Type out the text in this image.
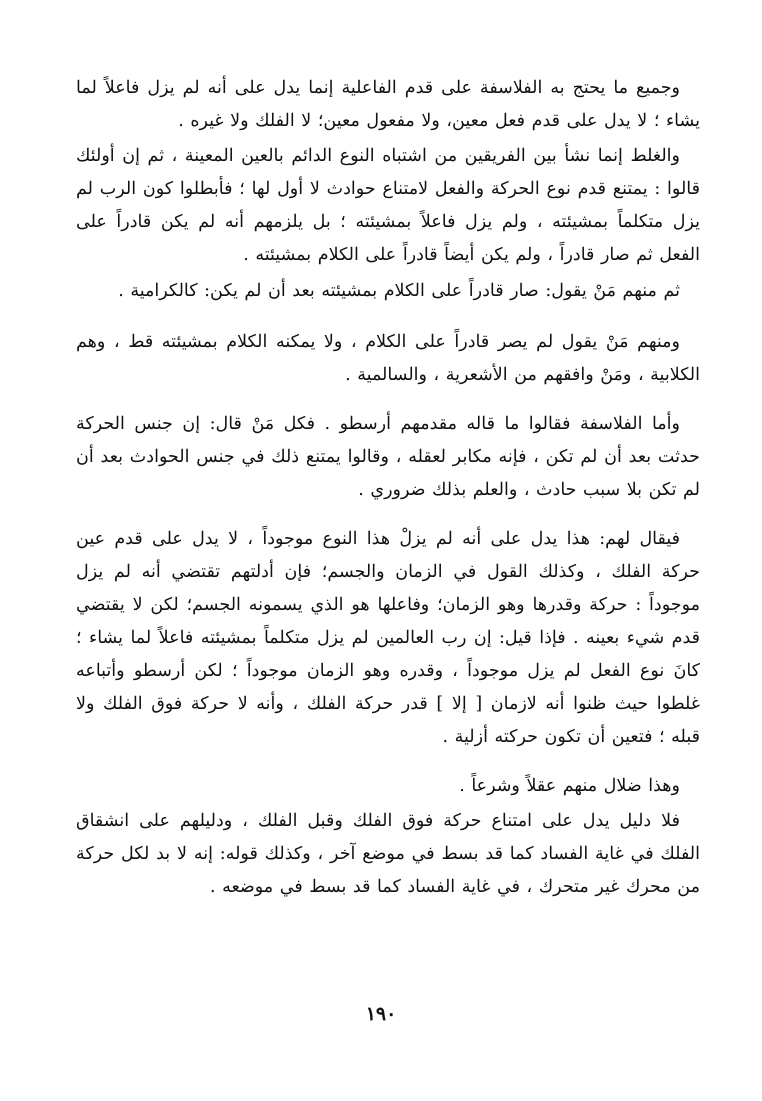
وجميع ما يحتج به الفلاسفة على قدم الفاعلية إنما يدل على أنه لم يزل فاعلاً لما يشاء ؛ لا يدل على قدم فعل معين، ولا مفعول معين؛ لا الفلك ولا غيره .

والغلط إنما نشأ بين الفريقين من اشتباه النوع الدائم بالعين المعينة ، ثم إن أولئك قالوا : يمتنع قدم نوع الحركة والفعل لامتناع حوادث لا أول لها ؛ فأبطلوا كون الرب لم يزل متكلماً بمشيئته ، ولم يزل فاعلاً بمشيئته ؛ بل يلزمهم أنه لم يكن قادراً على الفعل ثم صار قادراً ، ولم يكن أيضاً قادراً على الكلام بمشيئته .

ثم منهم مَنْ يقول: صار قادراً على الكلام بمشيئته بعد أن لم يكن: كالكرامية .

ومنهم مَنْ يقول لم يصر قادراً على الكلام ، ولا يمكنه الكلام بمشيئته قط ، وهم الكلابية ، ومَنْ وافقهم من الأشعرية ، والسالمية .

وأما الفلاسفة فقالوا ما قاله مقدمهم أرسطو . فكل مَنْ قال: إن جنس الحركة حدثت بعد أن لم تكن ، فإنه مكابر لعقله ، وقالوا يمتنع ذلك في جنس الحوادث بعد أن لم تكن بلا سبب حادث ، والعلم بذلك ضروري .

فيقال لهم: هذا يدل على أنه لم يزلْ هذا النوع موجوداً ، لا يدل على قدم عين حركة الفلك ، وكذلك القول في الزمان والجسم؛ فإن أدلتهم تقتضي أنه لم يزل موجوداً : حركة وقدرها وهو الزمان؛ وفاعلها هو الذي يسمونه الجسم؛ لكن لا يقتضي قدم شيء بعينه . فإذا قيل: إن رب العالمين لم يزل متكلماً بمشيئته فاعلاً لما يشاء ؛ كانَ نوع الفعل لم يزل موجوداً ، وقدره وهو الزمان موجوداً ؛ لكن أرسطو وأتباعه غلطوا حيث ظنوا أنه لازمان [ إلا ] قدر حركة الفلك ، وأنه لا حركة فوق الفلك ولا قبله ؛ فتعين أن تكون حركته أزلية .

وهذا ضلال منهم عقلاً وشرعاً .

فلا دليل يدل على امتناع حركة فوق الفلك وقبل الفلك ، ودليلهم على انشقاق الفلك في غاية الفساد كما قد بسط في موضع آخر ، وكذلك قوله: إنه لا بد لكل حركة من محرك غير متحرك ، في غاية الفساد كما قد بسط في موضعه .

١٩٠
